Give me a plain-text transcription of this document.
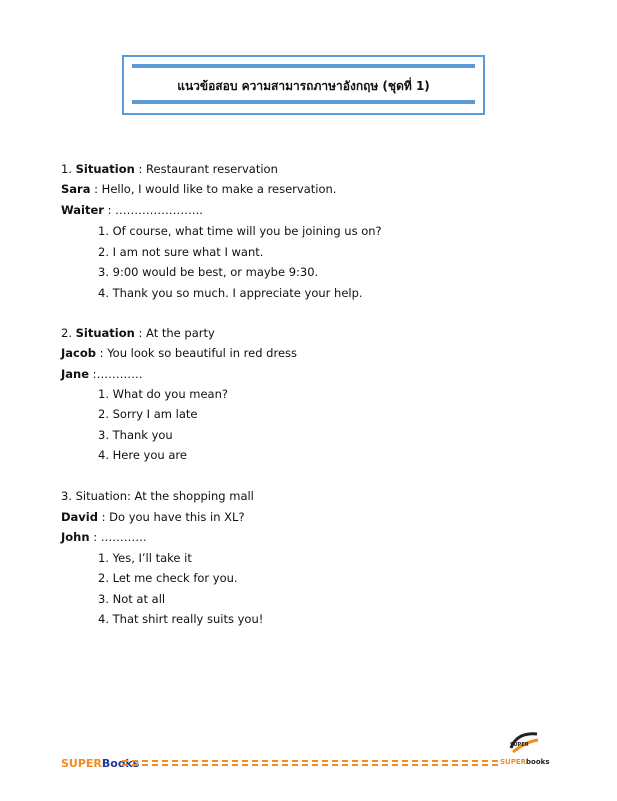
แนวข้อสอบ ความสามารถภาษาอังกฤษ (ชุดที่ 1)
1. Situation : Restaurant reservation
Sara : Hello, I would like to make a reservation.
Waiter : …………………..
1. Of course, what time will you be joining us on?
2. I am not sure what I want.
3. 9:00 would be best, or maybe 9:30.
4. Thank you so much. I appreciate your help.
2. Situation : At the party
Jacob : You look so beautiful in red dress
Jane :…………
1. What do you mean?
2. Sorry I am late
3. Thank you
4. Here you are
3. Situation: At the shopping mall
David : Do you have this in XL?
John : …………
1. Yes, I’ll take it
2. Let me check for you.
3. Not at all
4. That shirt really suits you!
SUPERBooks
SUPER
SUPERbooks
